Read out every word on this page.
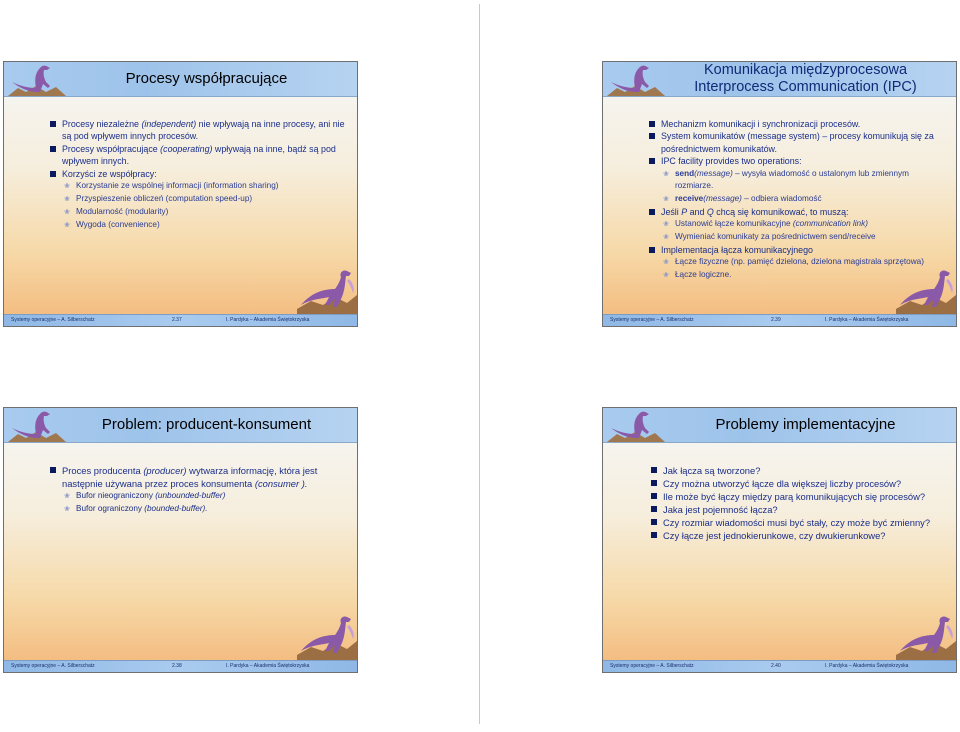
Procesy współpracujące
Procesy niezależne (independent) nie wpływają na inne procesy, ani nie są pod wpływem innych procesów.
Procesy współpracujące (cooperating) wpływają na inne, bądź są pod wpływem innych.
Korzyści ze współpracy:
❀ Korzystanie ze wspólnej informacji (information sharing)
❀ Przyspieszenie obliczeń (computation speed-up)
❀ Modularność (modularity)
❀ Wygoda (convenience)
Systemy operacyjne – A. Silberschatz	2.37	I. Pardyka – Akademia Świętokrzyska
Komunikacja międzyprocesowa
Interprocess Communication (IPC)
Mechanizm komunikacji i synchronizacji procesów.
System komunikatów (message system) – procesy komunikują się za pośrednictwem komunikatów.
IPC facility provides two operations:
❀ send(message) – wysyła wiadomość o ustalonym lub zmiennym rozmiarze.
❀ receive(message) – odbiera wiadomość
Jeśli P and Q chcą się komunikować, to muszą:
❀ Ustanowić łącze komunikacyjne (communication link)
❀ Wymieniać komunikaty za pośrednictwem send/receive
Implementacja łącza komunikacyjnego
❀ Łącze fizyczne (np. pamięć dzielona, dzielona magistrala sprzętowa)
❀ Łącze logiczne.
Systemy operacyjne – A. Silberschatz	2.39	I. Pardyka – Akademia Świętokrzyska
Problem: producent-konsument
Proces producenta (producer) wytwarza informację, która jest następnie używana przez proces konsumenta (consumer ).
❀ Bufor nieograniczony (unbounded-buffer)
❀ Bufor ograniczony (bounded-buffer).
Systemy operacyjne – A. Silberschatz	2.38	I. Pardyka – Akademia Świętokrzyska
Problemy implementacyjne
Jak łącza są tworzone?
Czy można utworzyć łącze dla większej liczby procesów?
Ile może być łączy między parą komunikujących się procesów?
Jaka jest pojemność łącza?
Czy rozmiar wiadomości musi być stały, czy może być zmienny?
Czy łącze jest jednokierunkowe, czy dwukierunkowe?
Systemy operacyjne – A. Silberschatz	2.40	I. Pardyka – Akademia Świętokrzyska
